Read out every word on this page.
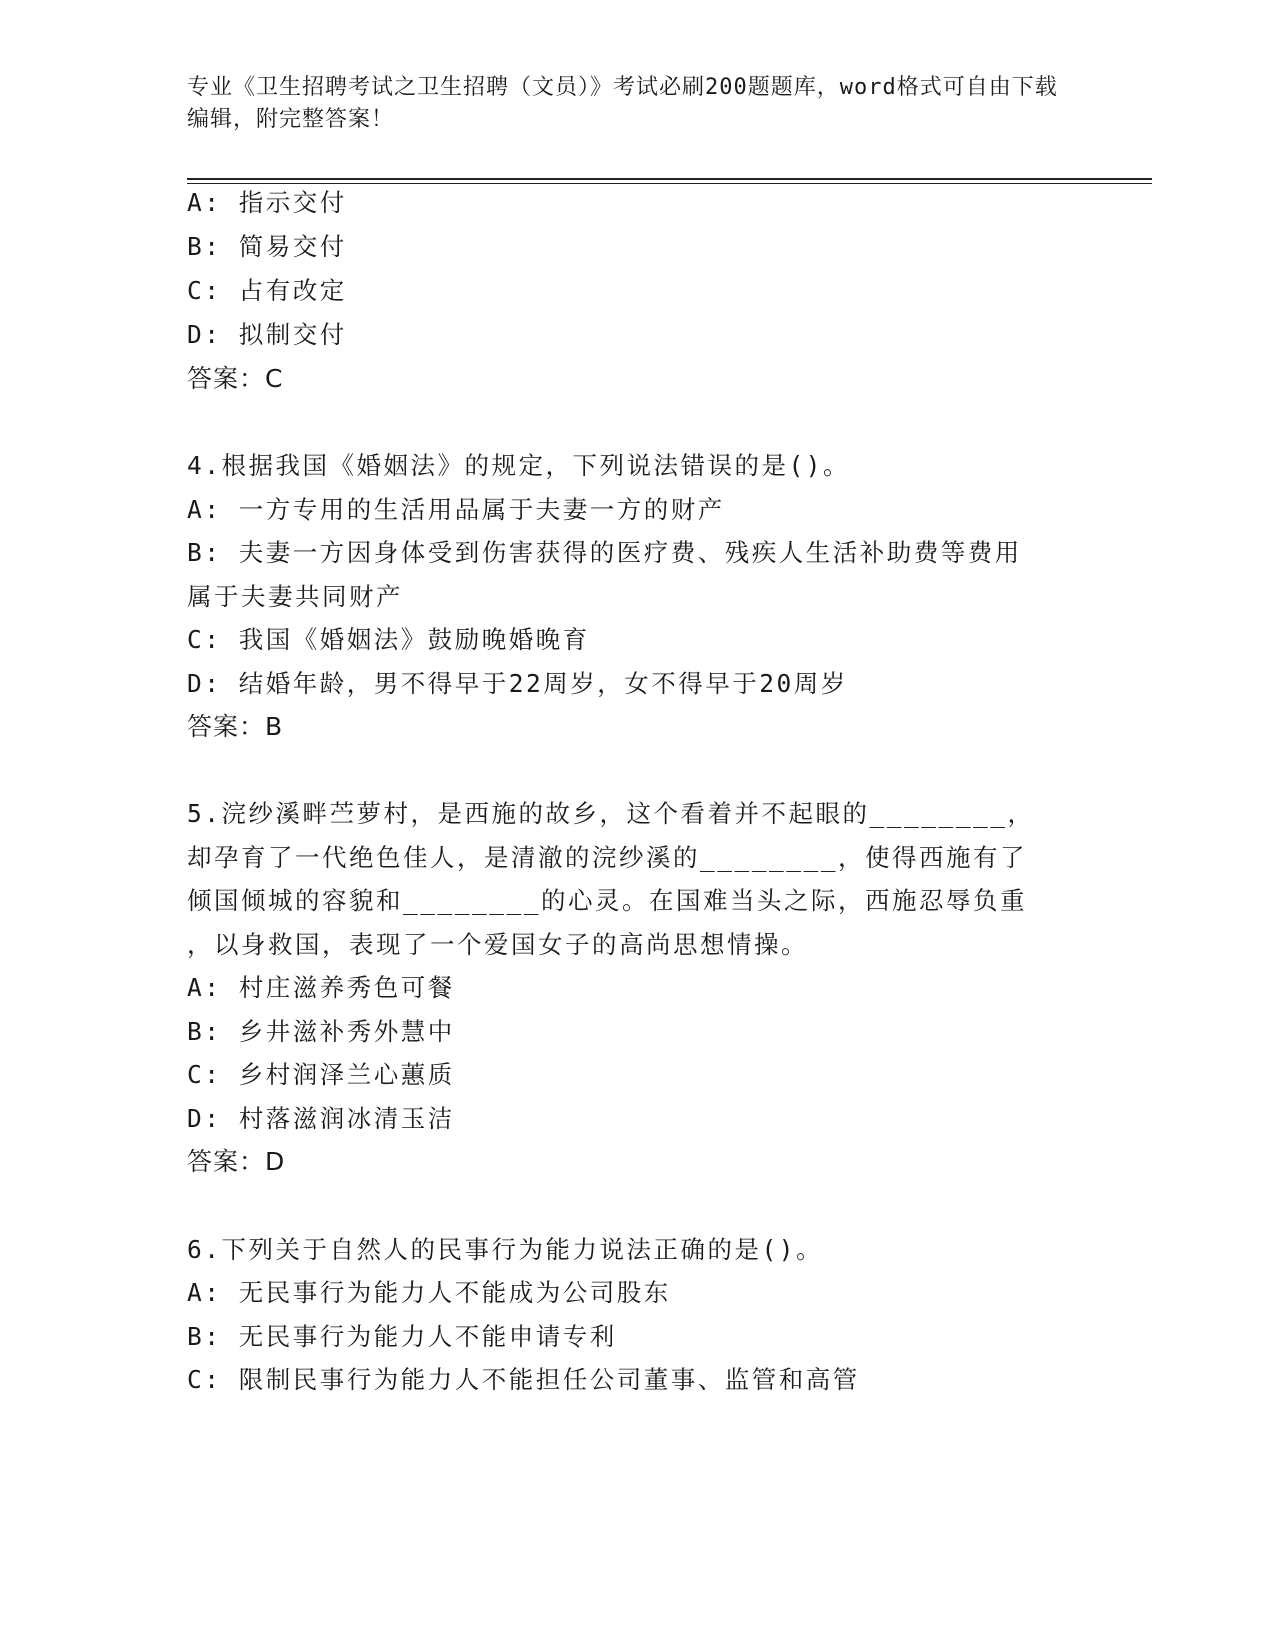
专业《卫生招聘考试之卫生招聘（文员）》考试必刷200题题库，word格式可自由下载编辑，附完整答案！
A: 指示交付
B: 简易交付
C: 占有改定
D: 拟制交付
答案：C
4.根据我国《婚姻法》的规定，下列说法错误的是()。
A: 一方专用的生活用品属于夫妻一方的财产
B: 夫妻一方因身体受到伤害获得的医疗费、残疾人生活补助费等费用
属于夫妻共同财产
C: 我国《婚姻法》鼓励晚婚晚育
D: 结婚年龄，男不得早于22周岁，女不得早于20周岁
答案：B
5.浣纱溪畔苎萝村，是西施的故乡，这个看着并不起眼的________，
却孕育了一代绝色佳人，是清澈的浣纱溪的________，使得西施有了
倾国倾城的容貌和________的心灵。在国难当头之际，西施忍辱负重
，以身救国，表现了一个爱国女子的高尚思想情操。
A: 村庄滋养秀色可餐
B: 乡井滋补秀外慧中
C: 乡村润泽兰心蕙质
D: 村落滋润冰清玉洁
答案：D
6.下列关于自然人的民事行为能力说法正确的是()。
A: 无民事行为能力人不能成为公司股东
B: 无民事行为能力人不能申请专利
C: 限制民事行为能力人不能担任公司董事、监管和高管
